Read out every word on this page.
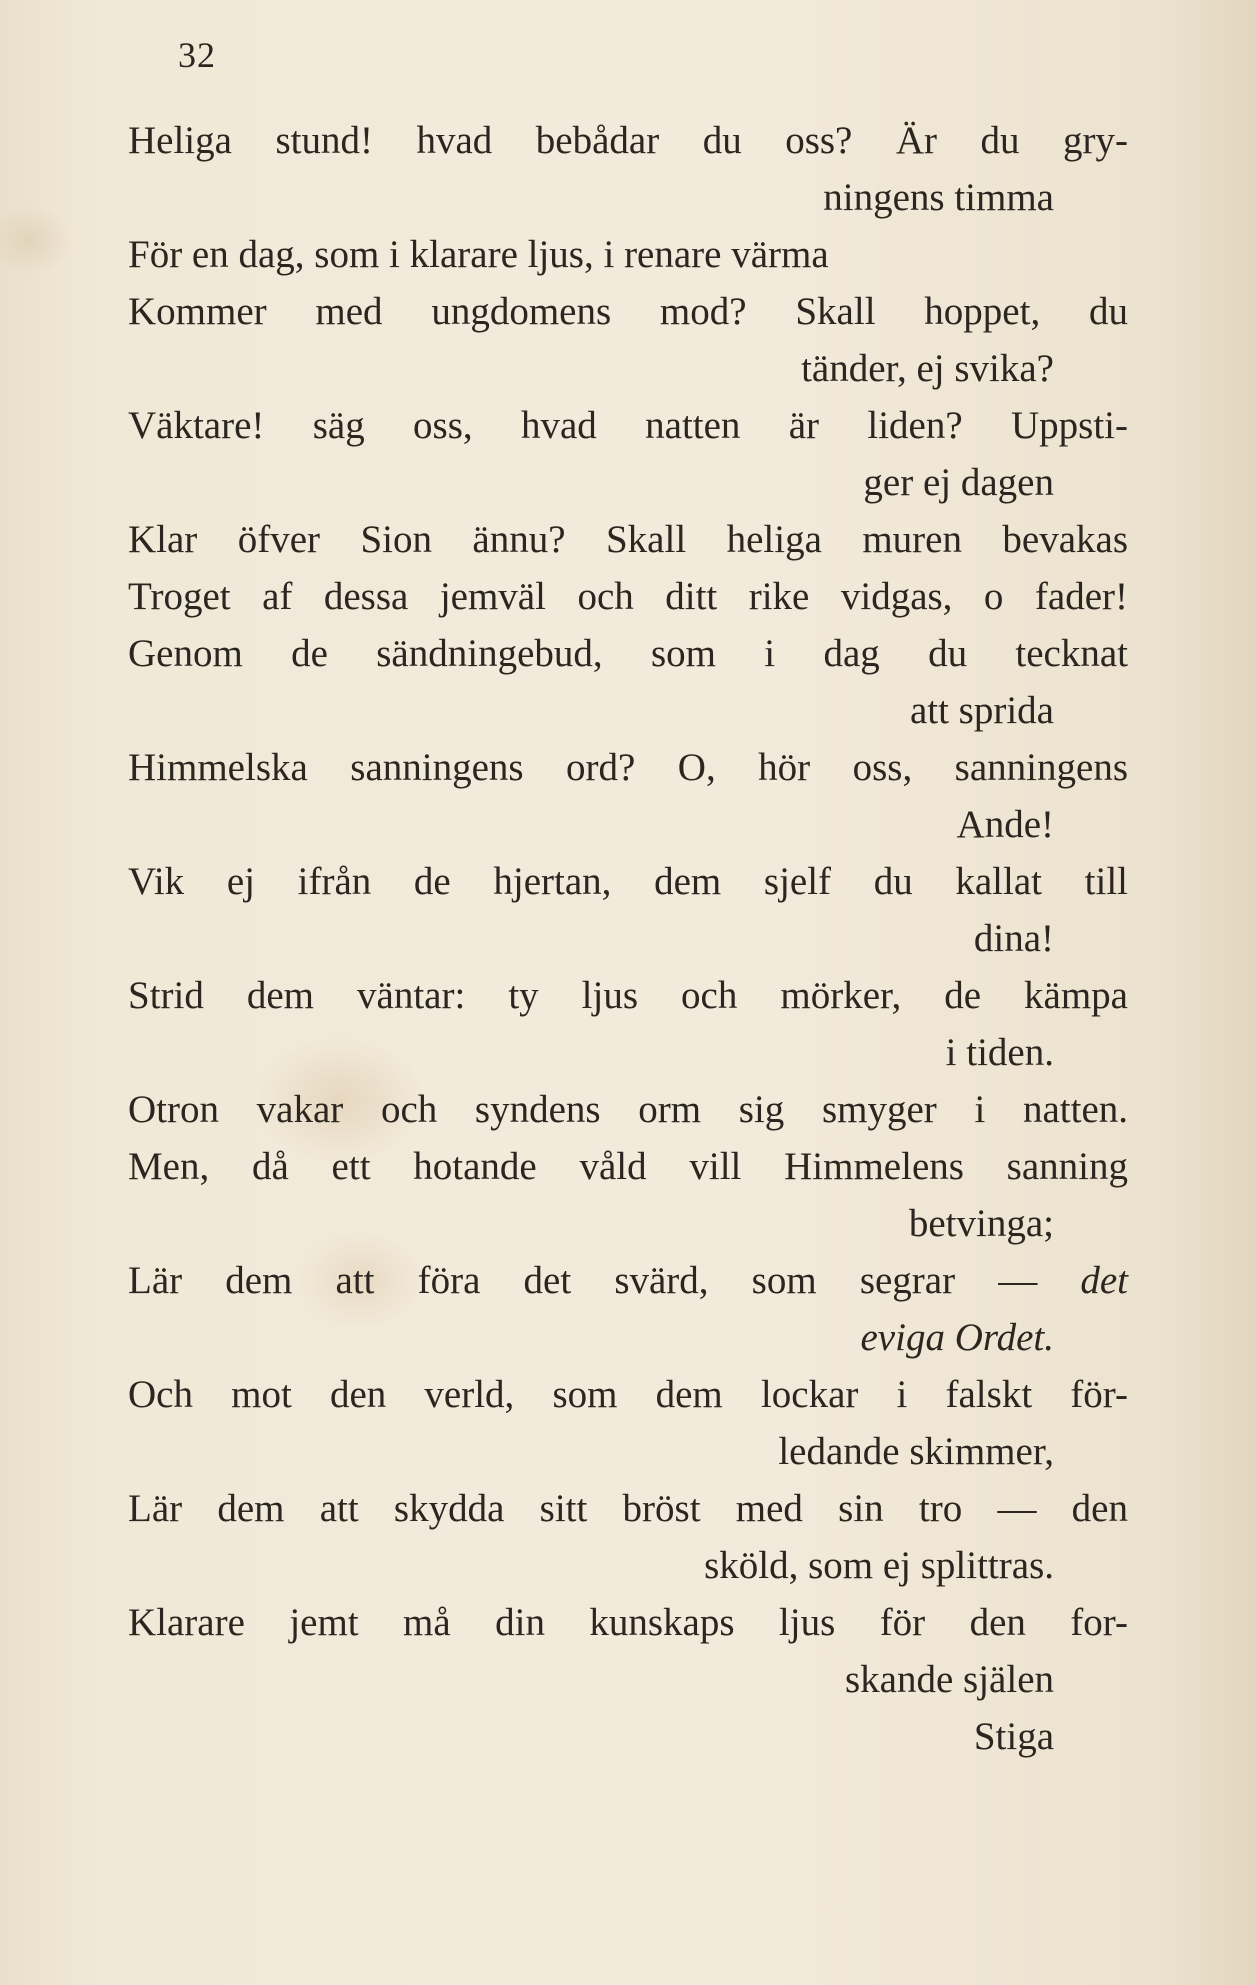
32
Heliga stund! hvad bebådar du oss? Är du gry-
ningens timma
För en dag, som i klarare ljus, i renare värma
Kommer med ungdomens mod? Skall hoppet, du
tänder, ej svika?
Väktare! säg oss, hvad natten är liden? Uppsti-
ger ej dagen
Klar öfver Sion ännu? Skall heliga muren bevakas
Troget af dessa jemväl och ditt rike vidgas, o fader!
Genom de sändningebud, som i dag du tecknat
att sprida
Himmelska sanningens ord? O, hör oss, sanningens
Ande!
Vik ej ifrån de hjertan, dem sjelf du kallat till
dina!
Strid dem väntar: ty ljus och mörker, de kämpa
i tiden.
Otron vakar och syndens orm sig smyger i natten.
Men, då ett hotande våld vill Himmelens sanning
betvinga;
Lär dem att föra det svärd, som segrar — det
eviga Ordet.
Och mot den verld, som dem lockar i falskt för-
ledande skimmer,
Lär dem att skydda sitt bröst med sin tro — den
sköld, som ej splittras.
Klarare jemt må din kunskaps ljus för den for-
skande själen
Stiga
